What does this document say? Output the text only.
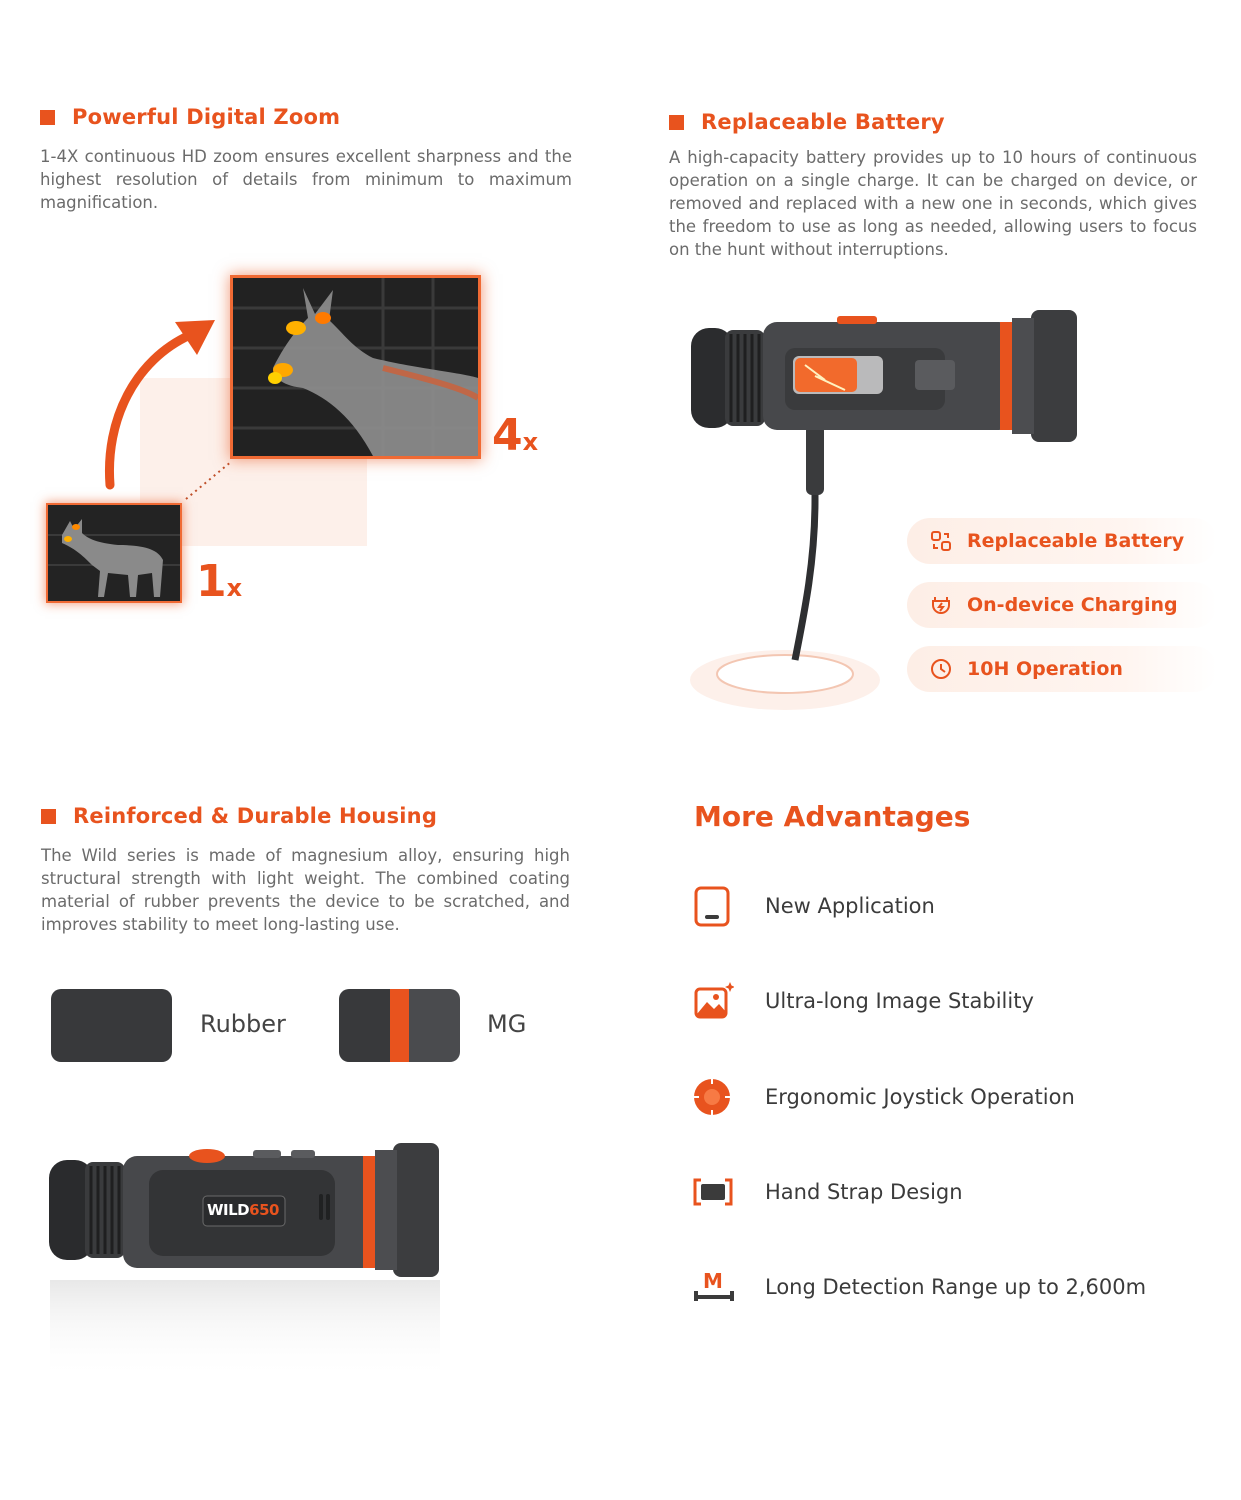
Powerful Digital Zoom
1-4X continuous HD zoom ensures excellent sharpness and the highest resolution of details from minimum to maximum magnification.
4x
1x
Replaceable Battery
A high-capacity battery provides up to 10 hours of continuous operation on a single charge. It can be charged on device, or removed and replaced with a new one in seconds, which gives the freedom to use as long as needed, allowing users to focus on the hunt without interruptions.
Replaceable Battery
On-device Charging
10H Operation
Reinforced & Durable Housing
The Wild series is made of magnesium alloy, ensuring high structural strength with light weight. The combined coating material of rubber prevents the device to be scratched, and improves stability to meet long-lasting use.
Rubber	MG
WILD650
More Advantages
New Application
Ultra-long Image Stability
Ergonomic Joystick Operation
Hand Strap Design
M Long Detection Range up to 2,600m
